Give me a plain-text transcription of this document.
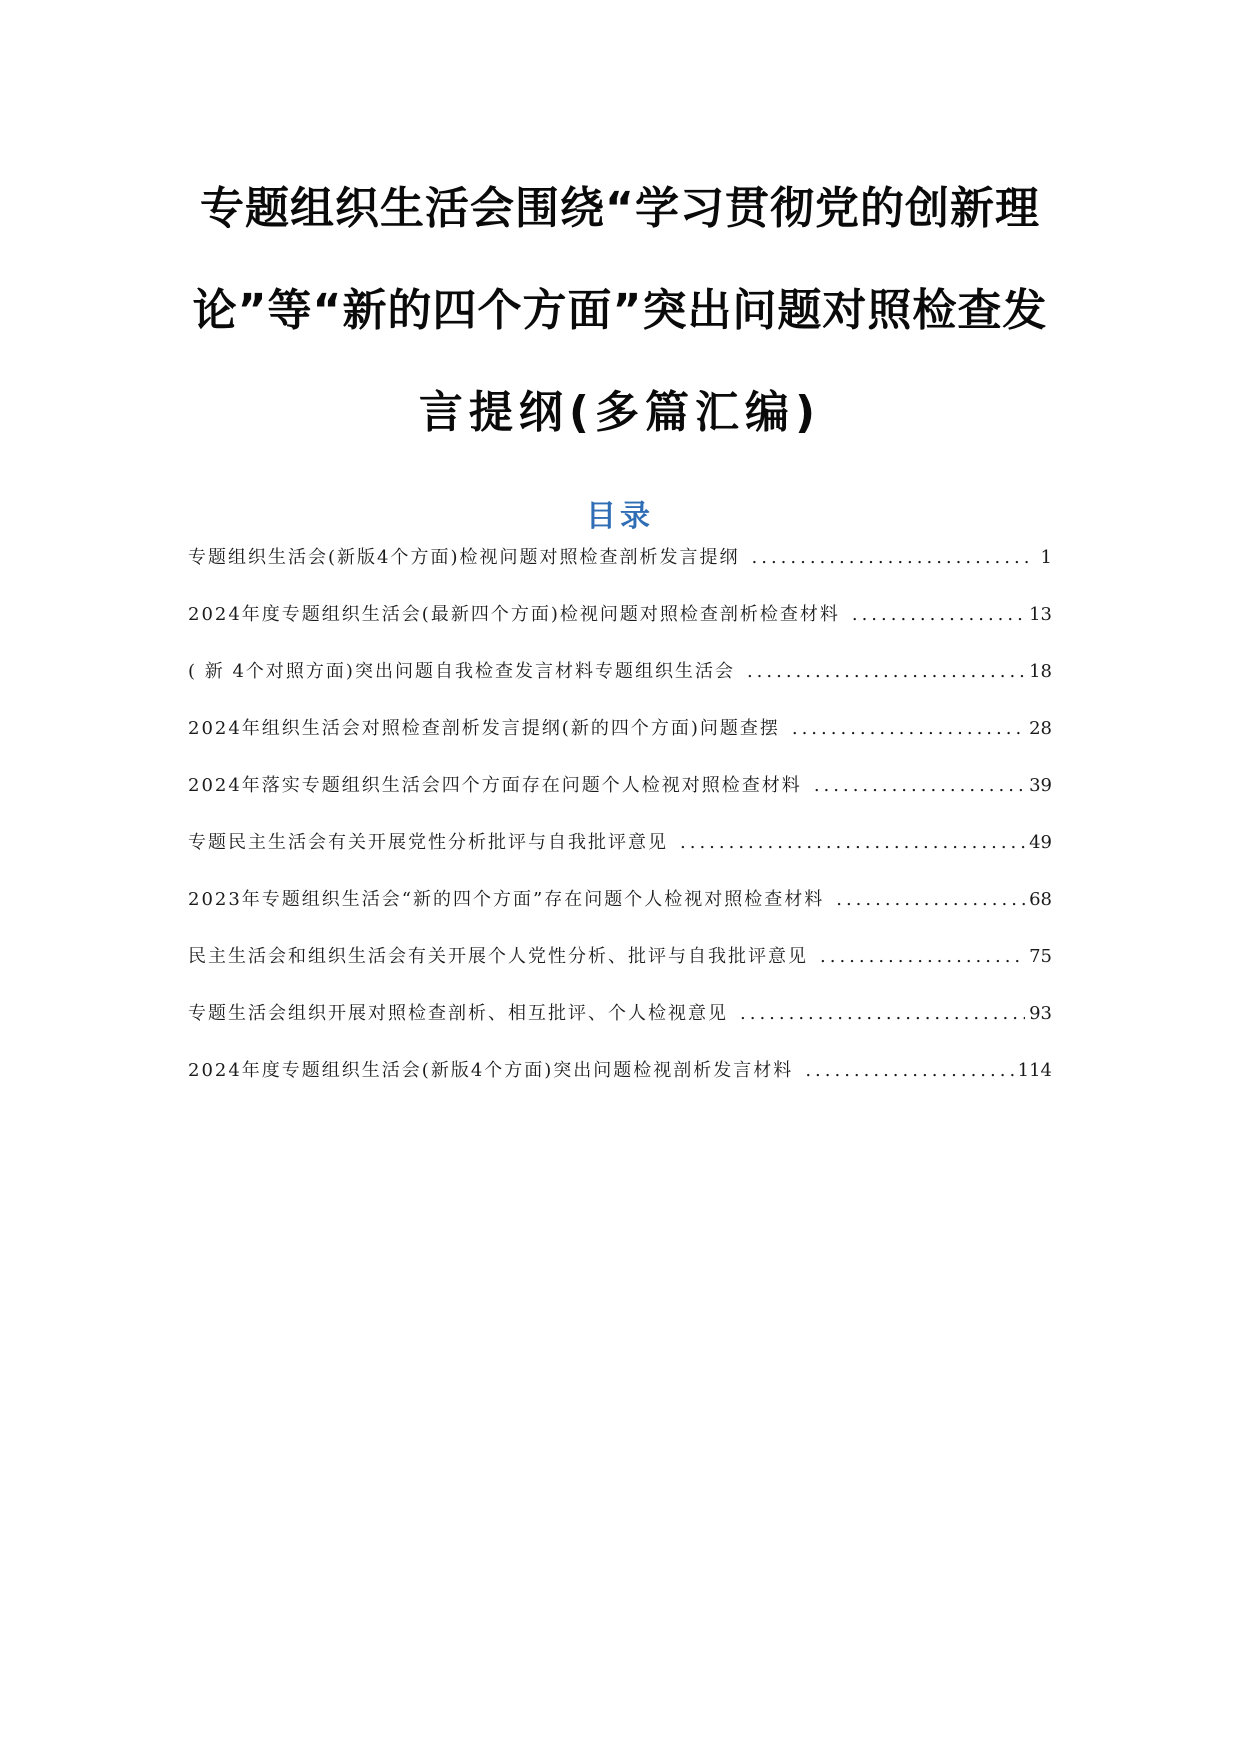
专题组织生活会围绕“学习贯彻党的创新理
论”等“新的四个方面”突出问题对照检查发
言提纲(多篇汇编)
目录
专题组织生活会(新版4个方面)检视问题对照检查剖析发言提纲 .....	1
2024年度专题组织生活会(最新四个方面)检视问题对照检查剖析检查材料 .....	13
( 新 4个对照方面)突出问题自我检查发言材料专题组织生活会 .....	18
2024年组织生活会对照检查剖析发言提纲(新的四个方面)问题查摆 .....	28
2024年落实专题组织生活会四个方面存在问题个人检视对照检查材料 .....	39
专题民主生活会有关开展党性分析批评与自我批评意见 .....	49
2023年专题组织生活会“新的四个方面”存在问题个人检视对照检查材料 .....	68
民主生活会和组织生活会有关开展个人党性分析、批评与自我批评意见 .....	75
专题生活会组织开展对照检查剖析、相互批评、个人检视意见 .....	93
2024年度专题组织生活会(新版4个方面)突出问题检视剖析发言材料 .....	114
